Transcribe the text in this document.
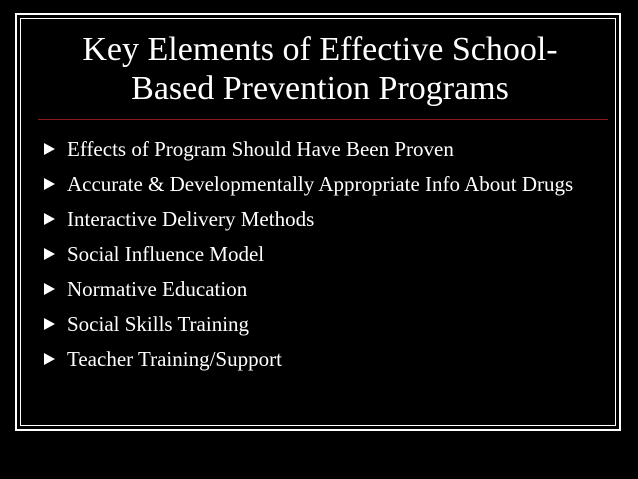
Key Elements of Effective School-
Based Prevention Programs
Effects of Program Should Have Been Proven
Accurate & Developmentally Appropriate Info About Drugs
Interactive Delivery Methods
Social Influence Model
Normative Education
Social Skills Training
Teacher Training/Support
